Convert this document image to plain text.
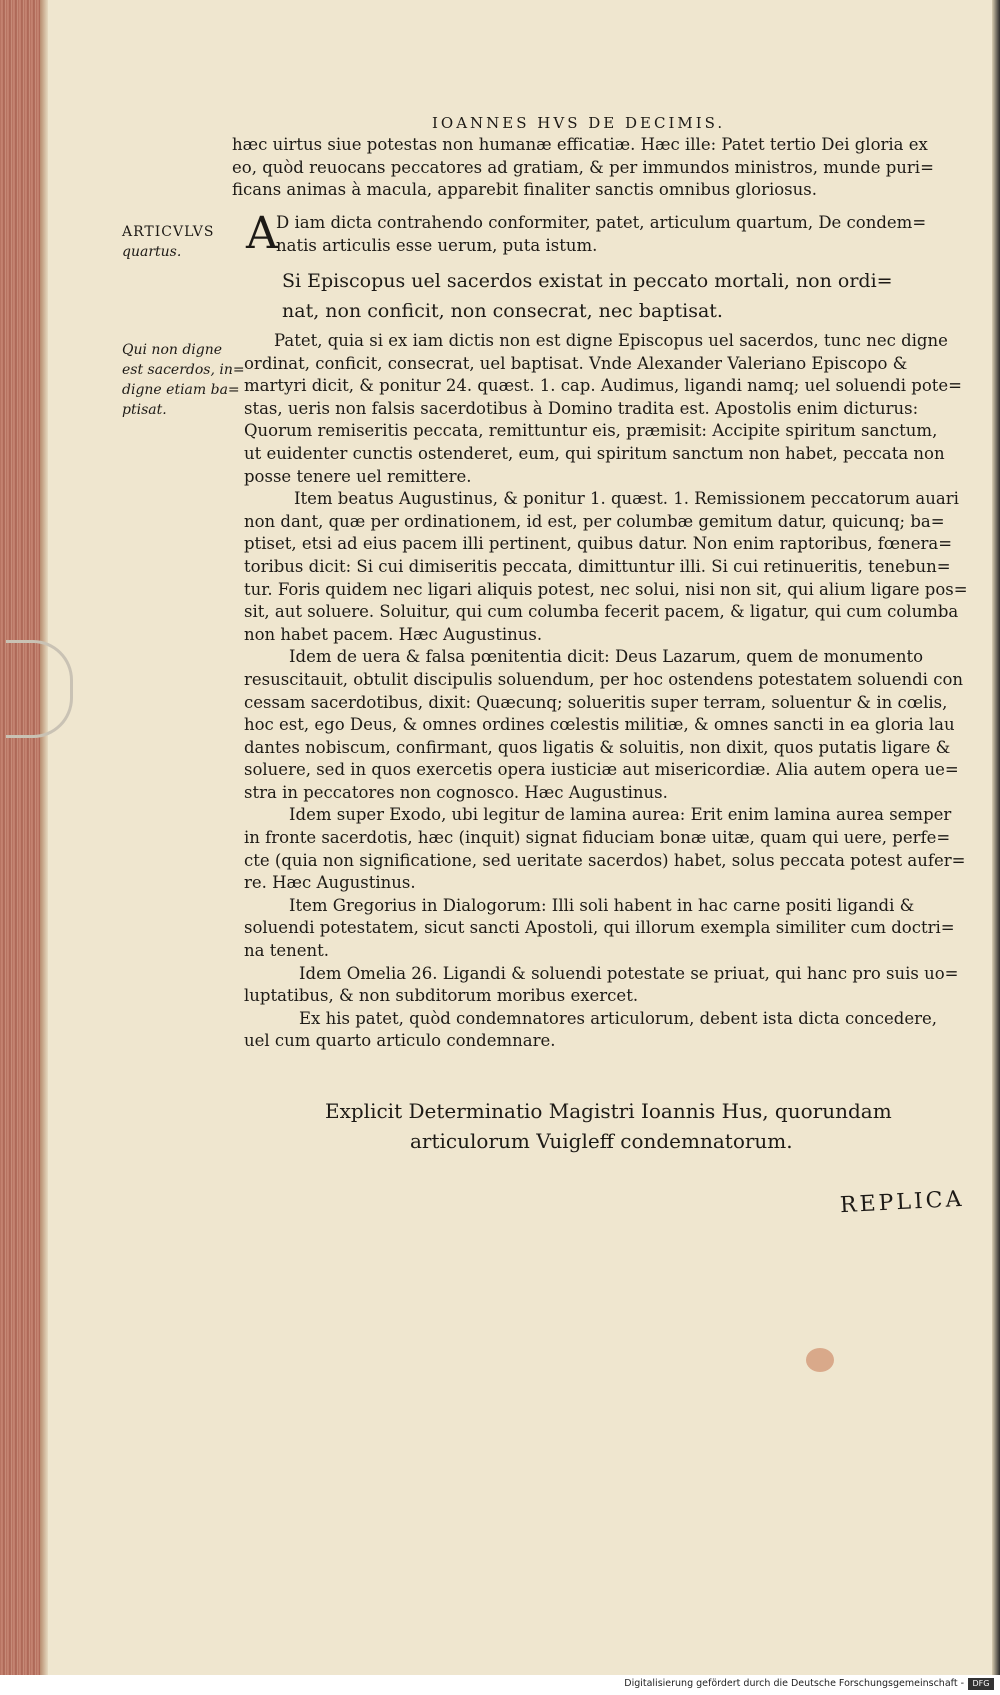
IOANNES HVS DE DECIMIS.
hæc uirtus siue potestas non humanæ efficatiæ. Hæc ille: Patet tertio Dei gloria ex
eo, quòd reuocans peccatores ad gratiam, & per immundos ministros, munde puri=
ficans animas à macula, apparebit finaliter sanctis omnibus gloriosus.
ARTICVLVS
quartus. A
D iam dicta contrahendo conformiter, patet, articulum quartum, De condem=
natis articulis esse uerum, puta istum.
Si Episcopus uel sacerdos existat in peccato mortali, non ordi=
nat, non conficit, non consecrat, nec baptisat.
Qui non digne
est sacerdos, in=
digne etiam ba=
ptisat.
Patet, quia si ex iam dictis non est digne Episcopus uel sacerdos, tunc nec digne
ordinat, conficit, consecrat, uel baptisat. Vnde Alexander Valeriano Episcopo &
martyri dicit, & ponitur 24. quæst. 1. cap. Audimus, ligandi namq; uel soluendi pote=
stas, ueris non falsis sacerdotibus à Domino tradita est. Apostolis enim dicturus:
Quorum remiseritis peccata, remittuntur eis, præmisit: Accipite spiritum sanctum,
ut euidenter cunctis ostenderet, eum, qui spiritum sanctum non habet, peccata non
posse tenere uel remittere.
Item beatus Augustinus, & ponitur 1. quæst. 1. Remissionem peccatorum auari
non dant, quæ per ordinationem, id est, per columbæ gemitum datur, quicunq; ba=
ptiset, etsi ad eius pacem illi pertinent, quibus datur. Non enim raptoribus, fœnera=
toribus dicit: Si cui dimiseritis peccata, dimittuntur illi. Si cui retinueritis, tenebun=
tur. Foris quidem nec ligari aliquis potest, nec solui, nisi non sit, qui alium ligare pos=
sit, aut soluere. Soluitur, qui cum columba fecerit pacem, & ligatur, qui cum columba
non habet pacem. Hæc Augustinus.
Idem de uera & falsa pœnitentia dicit: Deus Lazarum, quem de monumento
resuscitauit, obtulit discipulis soluendum, per hoc ostendens potestatem soluendi con
cessam sacerdotibus, dixit: Quæcunq; solueritis super terram, soluentur & in cœlis,
hoc est, ego Deus, & omnes ordines cœlestis militiæ, & omnes sancti in ea gloria lau
dantes nobiscum, confirmant, quos ligatis & soluitis, non dixit, quos putatis ligare &
soluere, sed in quos exercetis opera iusticiæ aut misericordiæ. Alia autem opera ue=
stra in peccatores non cognosco. Hæc Augustinus.
Idem super Exodo, ubi legitur de lamina aurea: Erit enim lamina aurea semper
in fronte sacerdotis, hæc (inquit) signat fiduciam bonæ uitæ, quam qui uere, perfe=
cte (quia non significatione, sed ueritate sacerdos) habet, solus peccata potest aufer=
re. Hæc Augustinus.
Item Gregorius in Dialogorum: Illi soli habent in hac carne positi ligandi &
soluendi potestatem, sicut sancti Apostoli, qui illorum exempla similiter cum doctri=
na tenent.
Idem Omelia 26. Ligandi & soluendi potestate se priuat, qui hanc pro suis uo=
luptatibus, & non subditorum moribus exercet.
Ex his patet, quòd condemnatores articulorum, debent ista dicta concedere,
uel cum quarto articulo condemnare.
Explicit Determinatio Magistri Ioannis Hus, quorundam
articulorum Vuigleff condemnatorum.
REPLICA
Digitalisierung gefördert durch die Deutsche Forschungsgemeinschaft -	DFG
